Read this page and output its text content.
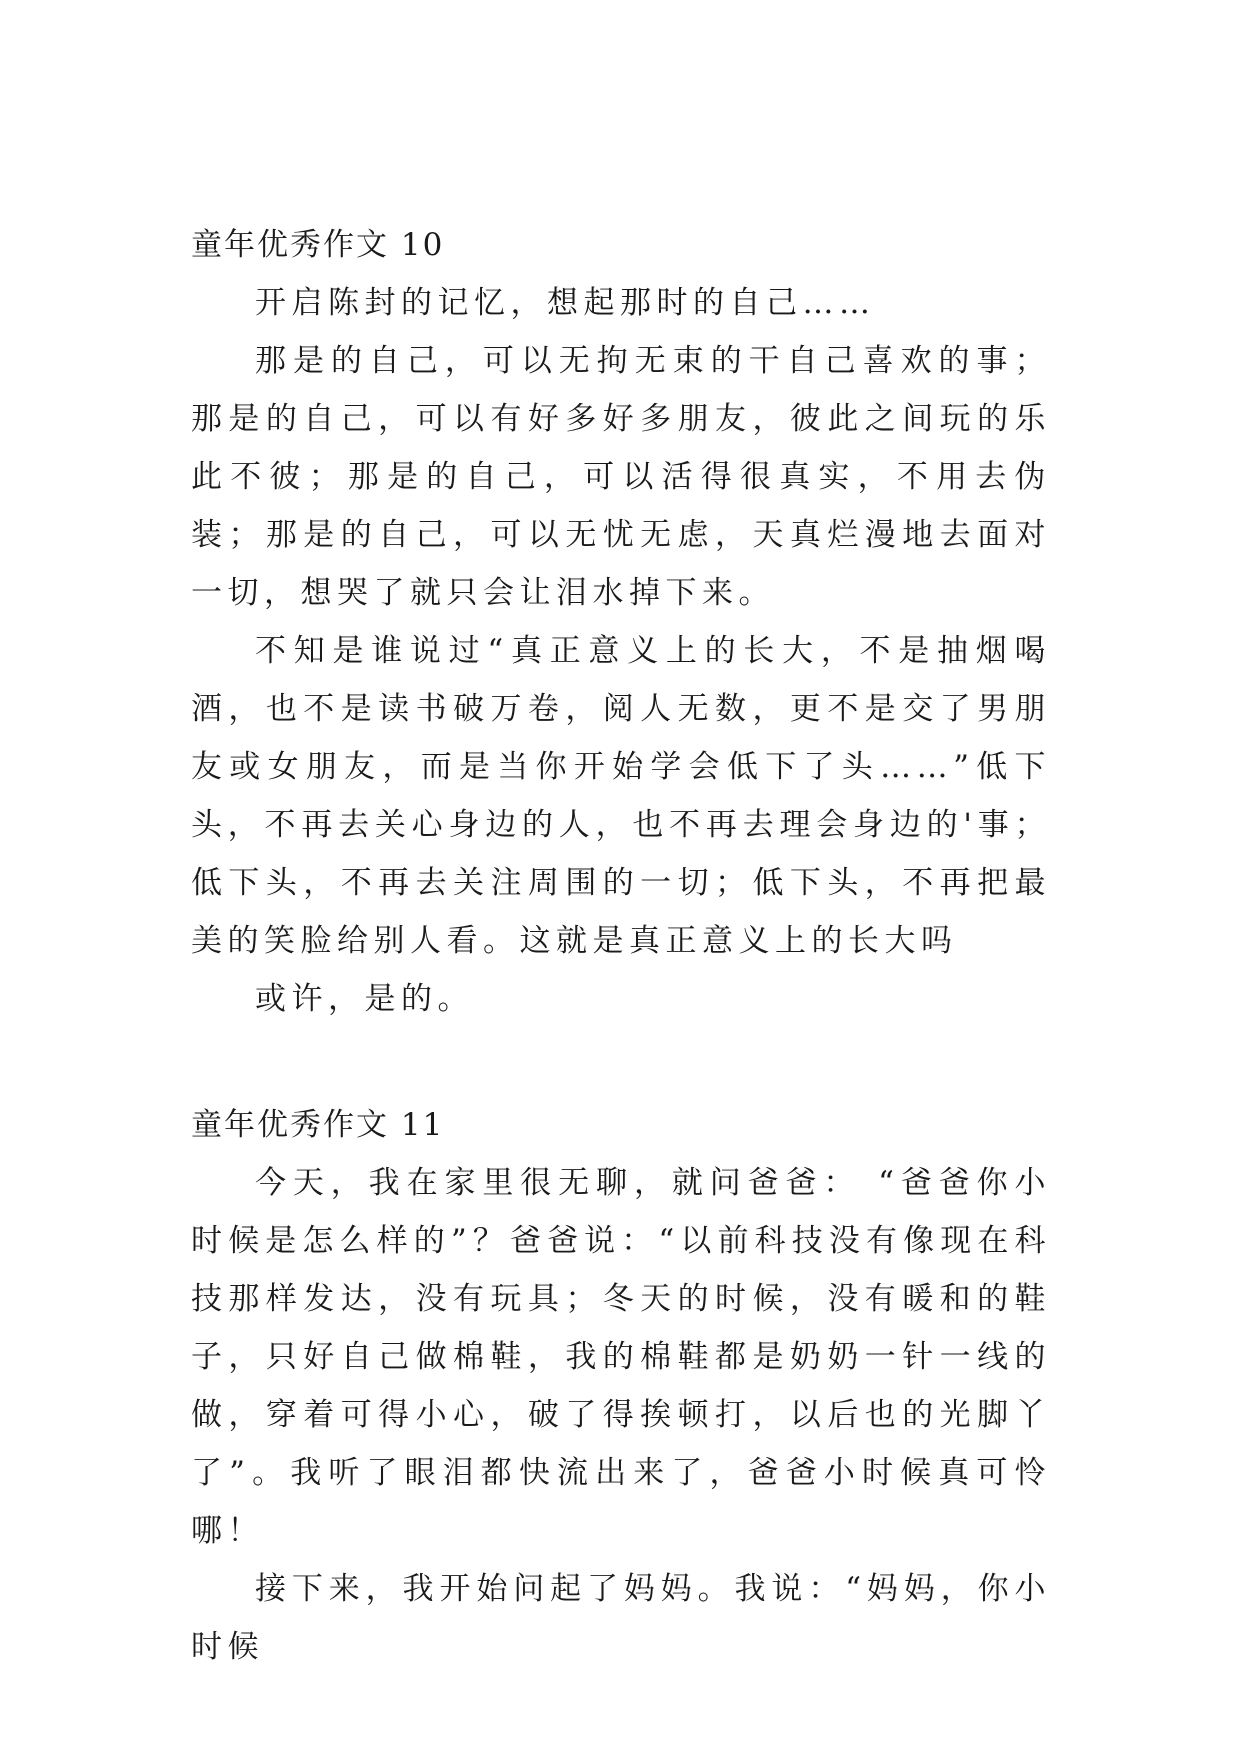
童年优秀作文 10

开启陈封的记忆，想起那时的自己……

那是的自己，可以无拘无束的干自己喜欢的事；那是的自己，可以有好多好多朋友，彼此之间玩的乐此不彼；那是的自己，可以活得很真实，不用去伪装；那是的自己，可以无忧无虑，天真烂漫地去面对一切，想哭了就只会让泪水掉下来。

不知是谁说过“真正意义上的长大，不是抽烟喝酒，也不是读书破万卷，阅人无数，更不是交了男朋友或女朋友，而是当你开始学会低下了头……”低下头，不再去关心身边的人，也不再去理会身边的'事；低下头，不再去关注周围的一切；低下头，不再把最美的笑脸给别人看。这就是真正意义上的长大吗

或许，是的。

童年优秀作文 11

今天，我在家里很无聊，就问爸爸： “爸爸你小时候是怎么样的”？爸爸说：“以前科技没有像现在科技那样发达，没有玩具；冬天的时候，没有暖和的鞋子，只好自己做棉鞋，我的棉鞋都是奶奶一针一线的做，穿着可得小心，破了得挨顿打，以后也的光脚丫了”。我听了眼泪都快流出来了，爸爸小时候真可怜哪！

接下来，我开始问起了妈妈。我说：“妈妈，你小时候
